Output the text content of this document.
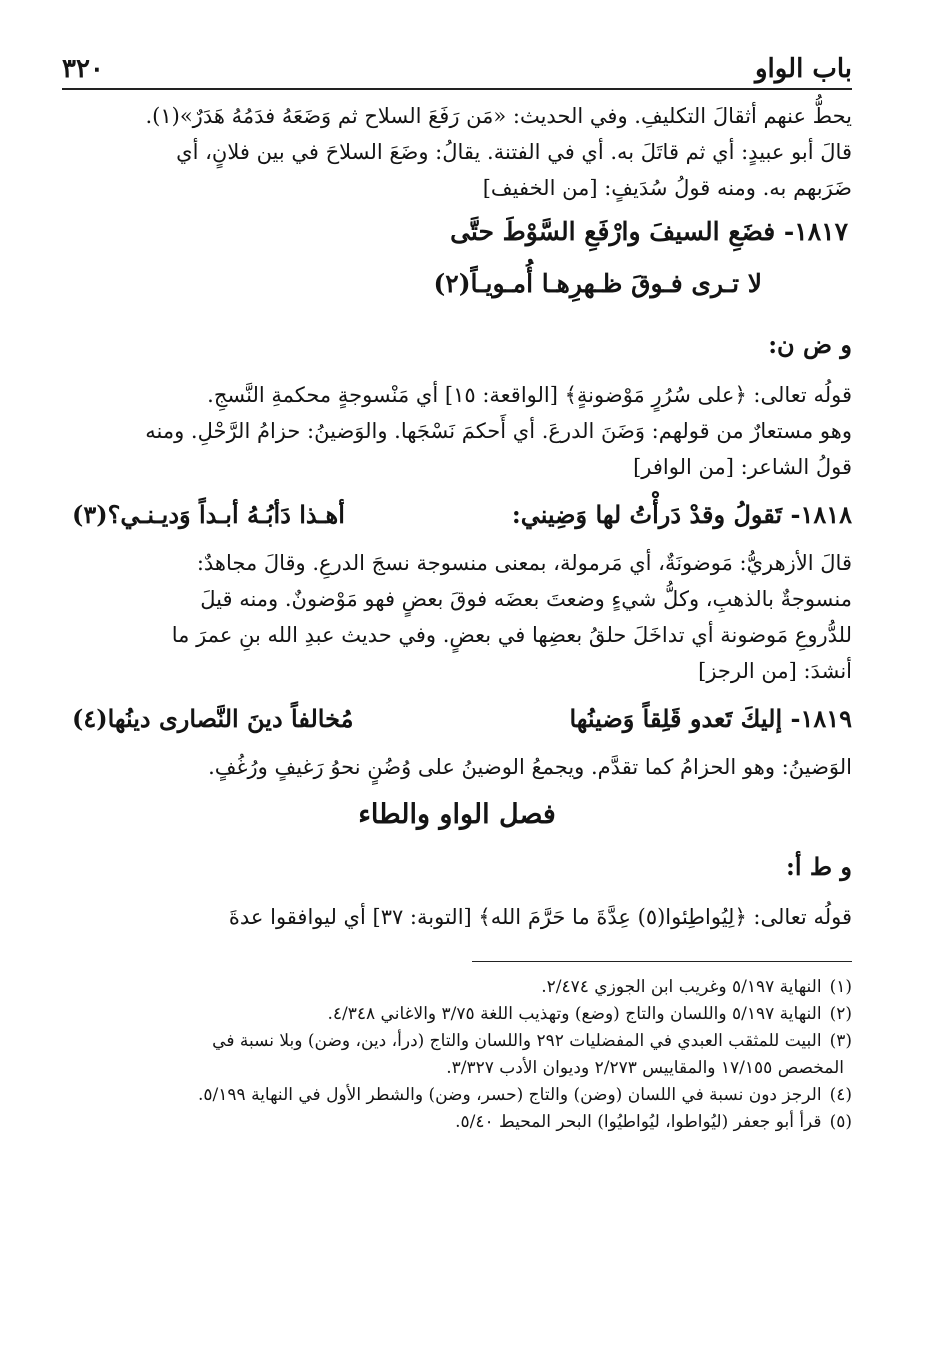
باب الواو
٣٢٠

يحطُّ عنهم أثقالَ التكليفِ. وفي الحديث: «مَن رَفَعَ السلاح ثم وَضَعَهُ فدَمُهُ هَدَرٌ»(١).

قالَ أبو عبيدٍ: أي ثم قاتَلَ به. أي في الفتنة. يقالُ: وضَعَ السلاحَ في بين فلانٍ، أي

ضَرَبهم به. ومنه قولُ سُدَيفٍ: [من الخفيف]

١٨١٧- فضَعِ السيفَ وارْفَعِ السَّوْطَ حتَّى
لا تـرى فـوقَ ظـهرِهـا أُمـويـاً(٢)
و ض ن:

قولُه تعالى: ﴿على سُرُرٍ مَوْضونةٍ﴾ [الواقعة: ١٥] أي مَنْسوجةٍ محكمةِ النَّسجِ.

وهو مستعارٌ من قولهم: وَضَنَ الدرعَ. أي أَحكمَ نَسْجَها. والوَضينُ: حزامُ الرَّحْلِ. ومنه

قولُ الشاعر: [من الوافر]

١٨١٨- تَقولُ وقدْ دَرأْتُ لها وَضِيني:
أهـذا دَأبُـهُ أبـداً وَديـنـي؟(٣)

قالَ الأزهريُّ: مَوضونَةٌ، أي مَرمولة، بمعنى منسوجة نسجَ الدرعِ. وقالَ مجاهدٌ:

منسوجةٌ بالذهبِ، وكلُّ شيءٍ وضعتَ بعضَه فوقَ بعضٍ فهو مَوْضونٌ. ومنه قيلَ

للدُّروعِ مَوضونة أي تداخَلَ حلقُ بعضِها في بعضٍ. وفي حديث عبدِ الله بنِ عمرَ ما

أنشدَ: [من الرجز]

١٨١٩- إليكَ تَعدو قَلِقاً وَضينُها
مُخالفاً دينَ النَّصارى دينُها(٤)

الوَضينُ: وهو الحزامُ كما تقدَّم. ويجمعُ الوضينُ على وُضُنٍ نحوُ رَغيفٍ ورُغُفٍ.

فصل الواو والطاء
و ط أ:

قولُه تعالى: ﴿لِيُواطِئوا(٥) عِدَّةَ ما حَرَّمَ الله﴾ [التوبة: ٣٧] أي ليوافقوا عدةَ

(١)النهاية ٥/١٩٧ وغريب ابن الجوزي ٢/٤٧٤.
(٢)النهاية ٥/١٩٧ واللسان والتاج (وضع) وتهذيب اللغة ٣/٧٥ والاغاني ٤/٣٤٨.
(٣)البيت للمثقب العبدي في المفضليات ٢٩٢ واللسان والتاج (درأ، دين، وضن) وبلا نسبة في
المخصص ١٧/١٥٥ والمقاييس ٢/٢٧٣ وديوان الأدب ٣/٣٢٧.
(٤)الرجز دون نسبة في اللسان (وضن) والتاج (حسر، وضن) والشطر الأول في النهاية ٥/١٩٩.
(٥)قرأ أبو جعفر (ليُواطوا، ليُواطيُوا) البحر المحيط ٥/٤٠.
